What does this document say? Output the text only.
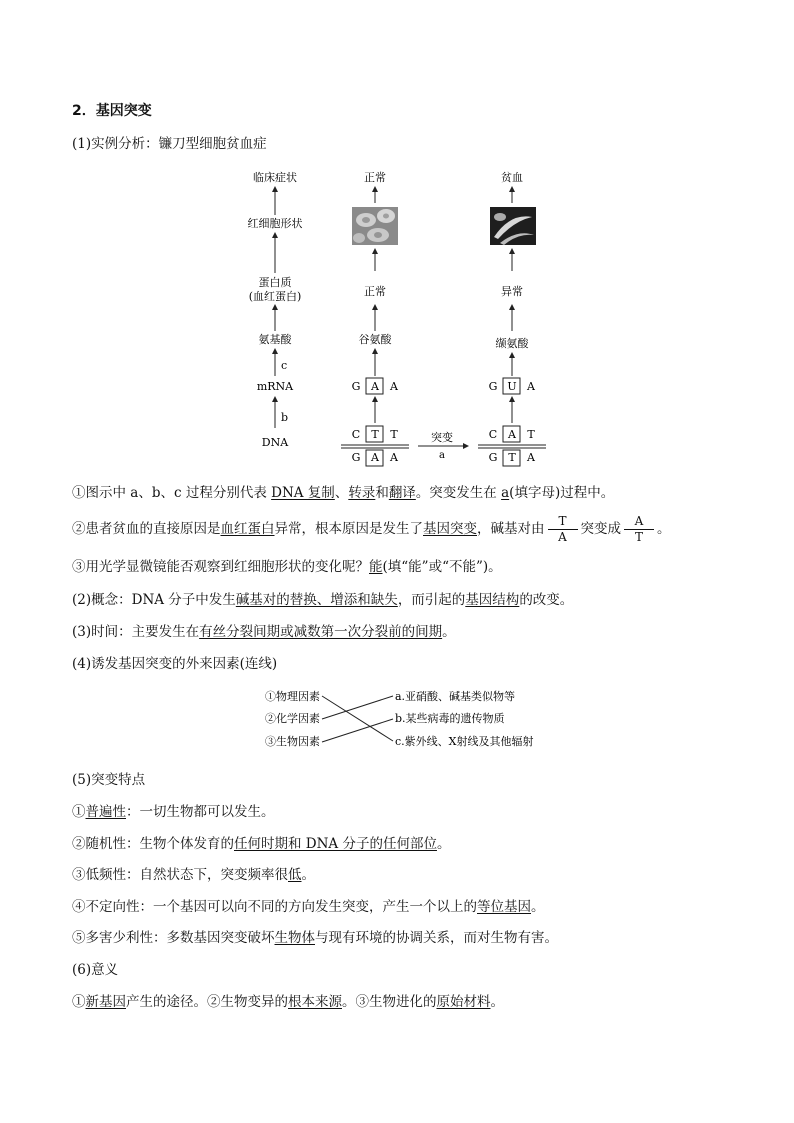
2．基因突变
(1)实例分析：镰刀型细胞贫血症
临床症状
红细胞形状
蛋白质
(血红蛋白)
氨基酸
c
mRNA
b
DNA
正常
正常
谷氨酸
G A A
C T T
G A A
突变
a
贫血
异常
缬氨酸
G U A
C A T
G T A
①图示中 a、b、c 过程分别代表 DNA 复制、转录和翻译。突变发生在 a(填字母)过程中。
②患者贫血的直接原因是血红蛋白异常，根本原因是发生了基因突变，碱基对由 $\frac{T}{A}$ 突变成 $\frac{A}{T}$ 。
③用光学显微镜能否观察到红细胞形状的变化呢？能(填“能”或“不能”)。
(2)概念：DNA 分子中发生碱基对的替换、增添和缺失，而引起的基因结构的改变。
(3)时间：主要发生在有丝分裂间期或减数第一次分裂前的间期。
(4)诱发基因突变的外来因素(连线)
①物理因素
②化学因素
③生物因素
a.亚硝酸、碱基类似物等
b.某些病毒的遗传物质
c.紫外线、X射线及其他辐射
(5)突变特点
①普遍性：一切生物都可以发生。
②随机性：生物个体发育的任何时期和 DNA 分子的任何部位。
③低频性：自然状态下，突变频率很低。
④不定向性：一个基因可以向不同的方向发生突变，产生一个以上的等位基因。
⑤多害少利性：多数基因突变破坏生物体与现有环境的协调关系，而对生物有害。
(6)意义
①新基因产生的途径。②生物变异的根本来源。③生物进化的原始材料。
